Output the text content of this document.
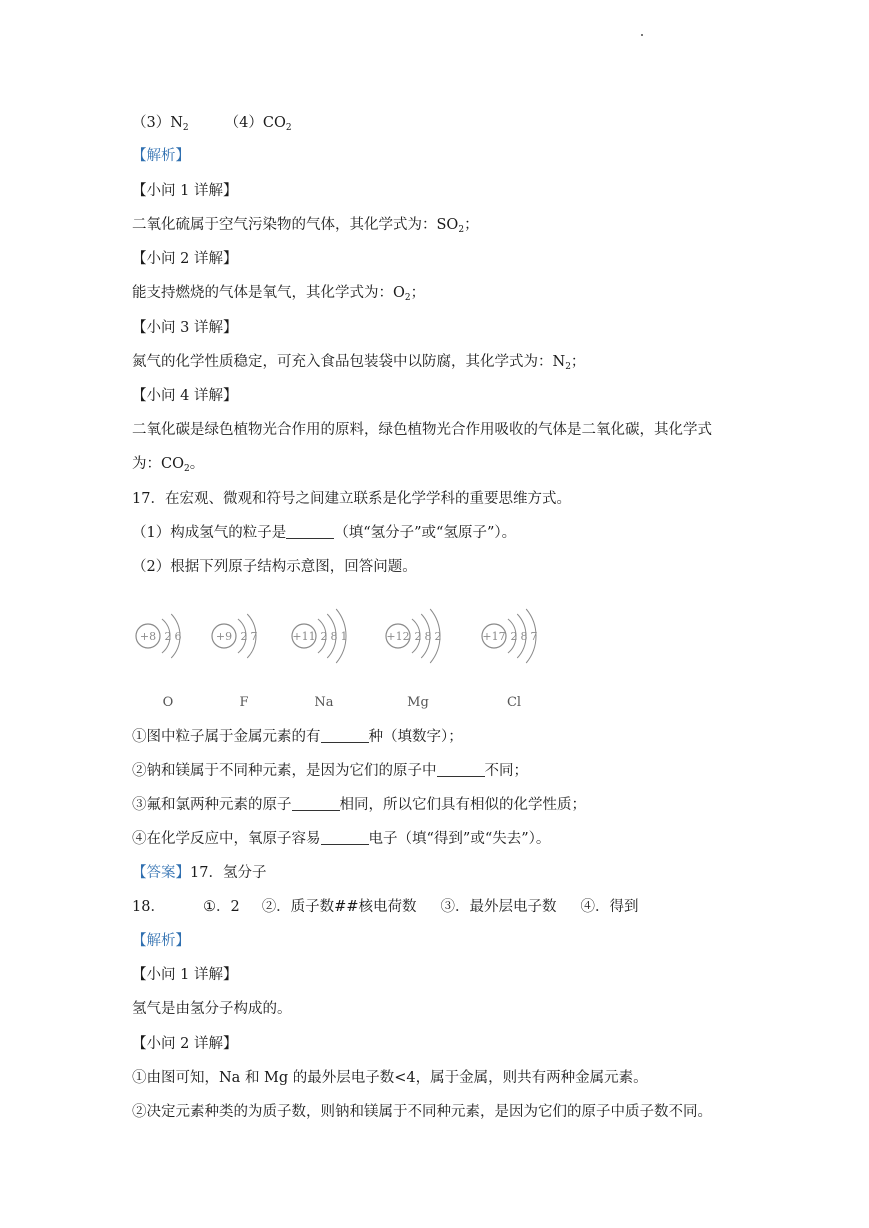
$(3)N_2$ $(4)CO_2$
【解析】
【小问 1 详解】
二氧化硫属于空气污染物的气体，其化学式为：$SO_2$；
【小问 2 详解】
能支持燃烧的气体是氧气，其化学式为：$O_2$；
【小问 3 详解】
氮气的化学性质稳定，可充入食品包装袋中以防腐，其化学式为：$N_2$；
【小问 4 详解】
二氧化碳是绿色植物光合作用的原料，绿色植物光合作用吸收的气体是二氧化碳，其化学式
为：$CO_2$。
17．在宏观、微观和符号之间建立联系是化学学科的重要思维方式。
（1）构成氢气的粒子是	（填“氢分子”或“氢原子”）。
（2）根据下列原子结构示意图，回答问题。
+8 2 6
O
+9 2 7
F
+11 2 8 1
Na
+12 2 8 2
Mg
+17 2 8 7
Cl
①图中粒子属于金属元素的有	种（填数字）；
②钠和镁属于不同种元素，是因为它们的原子中	不同；
③氟和氯两种元素的原子	相同，所以它们具有相似的化学性质；
④在化学反应中，氧原子容易	电子（填“得到”或“失去”）。
【答案】17．氢分子
18．	①．2 ②．质子数##核电荷数 ③．最外层电子数 ④．得到
【解析】
【小问 1 详解】
氢气是由氢分子构成的。
【小问 2 详解】
①由图可知，Na 和 Mg 的最外层电子数<4，属于金属，则共有两种金属元素。
②决定元素种类的为质子数，则钠和镁属于不同种元素，是因为它们的原子中质子数不同。
